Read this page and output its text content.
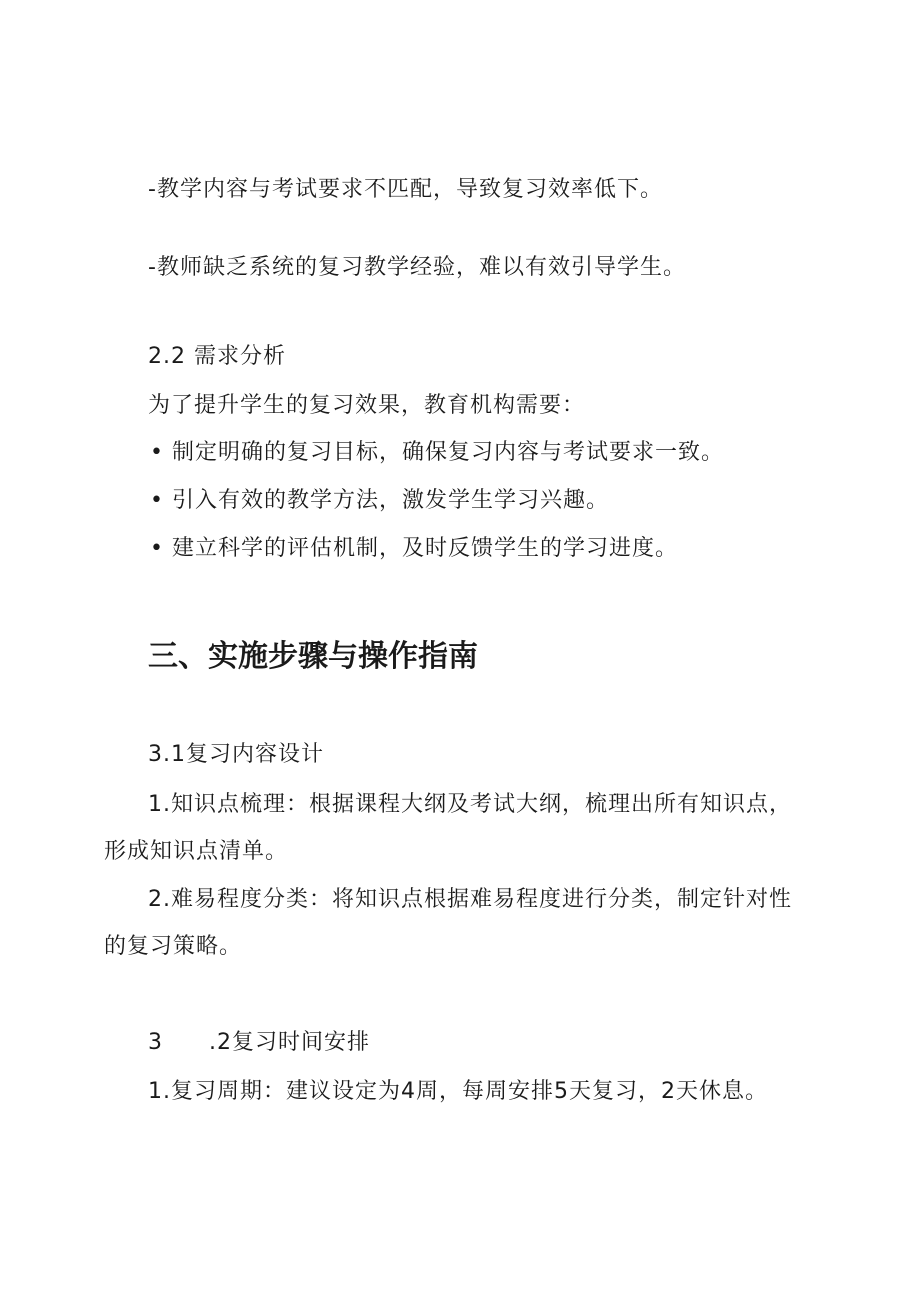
-教学内容与考试要求不匹配，导致复习效率低下。
-教师缺乏系统的复习教学经验，难以有效引导学生。
2.2 需求分析
为了提升学生的复习效果，教育机构需要：
• 制定明确的复习目标，确保复习内容与考试要求一致。
• 引入有效的教学方法，激发学生学习兴趣。
• 建立科学的评估机制，及时反馈学生的学习进度。
三、实施步骤与操作指南
3.1复习内容设计
1.知识点梳理：根据课程大纲及考试大纲，梳理出所有知识点，
形成知识点清单。
2.难易程度分类：将知识点根据难易程度进行分类，制定针对性
的复习策略。
3 .2复习时间安排
1.复习周期：建议设定为4周，每周安排5天复习，2天休息。
